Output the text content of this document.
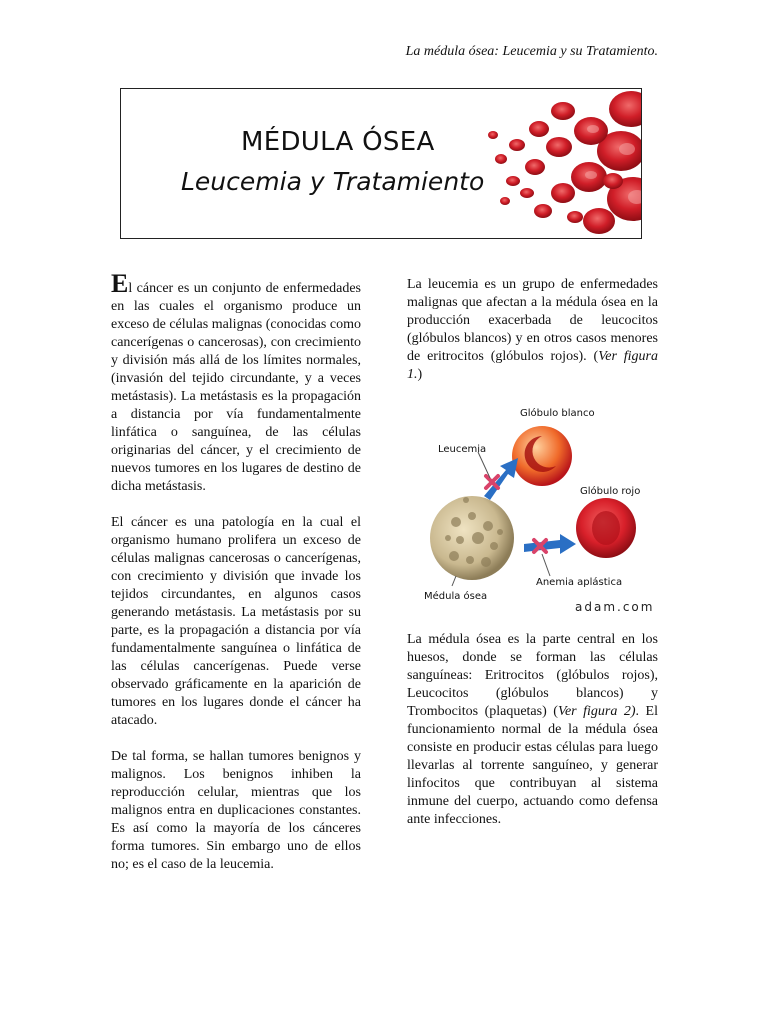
La médula ósea: Leucemia y su Tratamiento.
MÉDULA ÓSEA
Leucemia y Tratamiento

El cáncer es un conjunto de enfermedades en las cuales el organismo produce un exceso de células malignas (conocidas como cancerígenas o cancerosas), con crecimiento y división más allá de los límites normales, (invasión del tejido circundante, y a veces metástasis). La metástasis es la propagación a distancia por vía fundamentalmente linfática o sanguínea, de las células originarias del cáncer, y el crecimiento de nuevos tumores en los lugares de destino de dicha metástasis.

El cáncer es una patología en la cual el organismo humano prolifera un exceso de células malignas cancerosas o cancerígenas, con crecimiento y división que invade los tejidos circundantes, en algunos casos generando metástasis. La metástasis por su parte, es la propagación a distancia por vía fundamentalmente sanguínea o linfática de las células cancerígenas. Puede verse observado gráficamente en la aparición de tumores en los lugares donde el cáncer ha atacado.

De tal forma, se hallan tumores benignos y malignos. Los benignos inhiben la reproducción celular, mientras que los malignos entra en duplicaciones constantes. Es así como la mayoría de los cánceres forma tumores. Sin embargo uno de ellos no; es el caso de la leucemia.

La leucemia es un grupo de enfermedades malignas que afectan a la médula ósea en la producción exacerbada de leucocitos (glóbulos blancos) y en otros casos menores de eritrocitos (glóbulos rojos). (Ver figura 1.)

Glóbulo blanco
Leucemia
Glóbulo rojo
Anemia aplástica
Médula ósea
adam.com

La médula ósea es la parte central en los huesos, donde se forman las células sanguíneas: Eritrocitos (glóbulos rojos), Leucocitos (glóbulos blancos) y Trombocitos (plaquetas) (Ver figura 2). El funcionamiento normal de la médula ósea consiste en producir estas células para luego llevarlas al torrente sanguíneo, y generar linfocitos que contribuyan al sistema inmune del cuerpo, actuando como defensa ante infecciones.
